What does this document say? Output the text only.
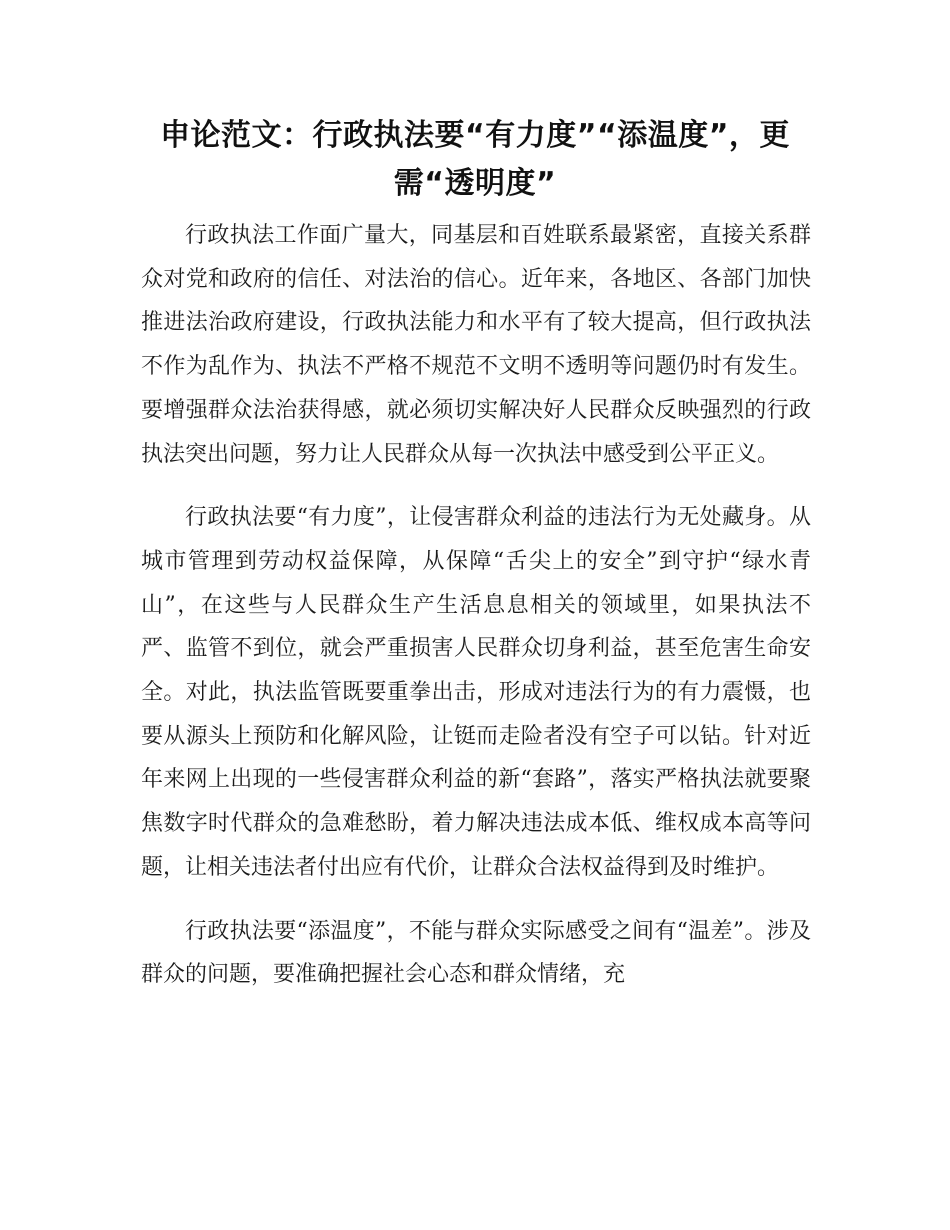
申论范文：行政执法要“有力度”“添温度”，更需“透明度”

行政执法工作面广量大，同基层和百姓联系最紧密，直接关系群众对党和政府的信任、对法治的信心。近年来，各地区、各部门加快推进法治政府建设，行政执法能力和水平有了较大提高，但行政执法不作为乱作为、执法不严格不规范不文明不透明等问题仍时有发生。要增强群众法治获得感，就必须切实解决好人民群众反映强烈的行政执法突出问题，努力让人民群众从每一次执法中感受到公平正义。

行政执法要“有力度”，让侵害群众利益的违法行为无处藏身。从城市管理到劳动权益保障，从保障“舌尖上的安全”到守护“绿水青山”，在这些与人民群众生产生活息息相关的领域里，如果执法不严、监管不到位，就会严重损害人民群众切身利益，甚至危害生命安全。对此，执法监管既要重拳出击，形成对违法行为的有力震慑，也要从源头上预防和化解风险，让铤而走险者没有空子可以钻。针对近年来网上出现的一些侵害群众利益的新“套路”，落实严格执法就要聚焦数字时代群众的急难愁盼，着力解决违法成本低、维权成本高等问题，让相关违法者付出应有代价，让群众合法权益得到及时维护。

行政执法要“添温度”，不能与群众实际感受之间有“温差”。涉及群众的问题，要准确把握社会心态和群众情绪，充
